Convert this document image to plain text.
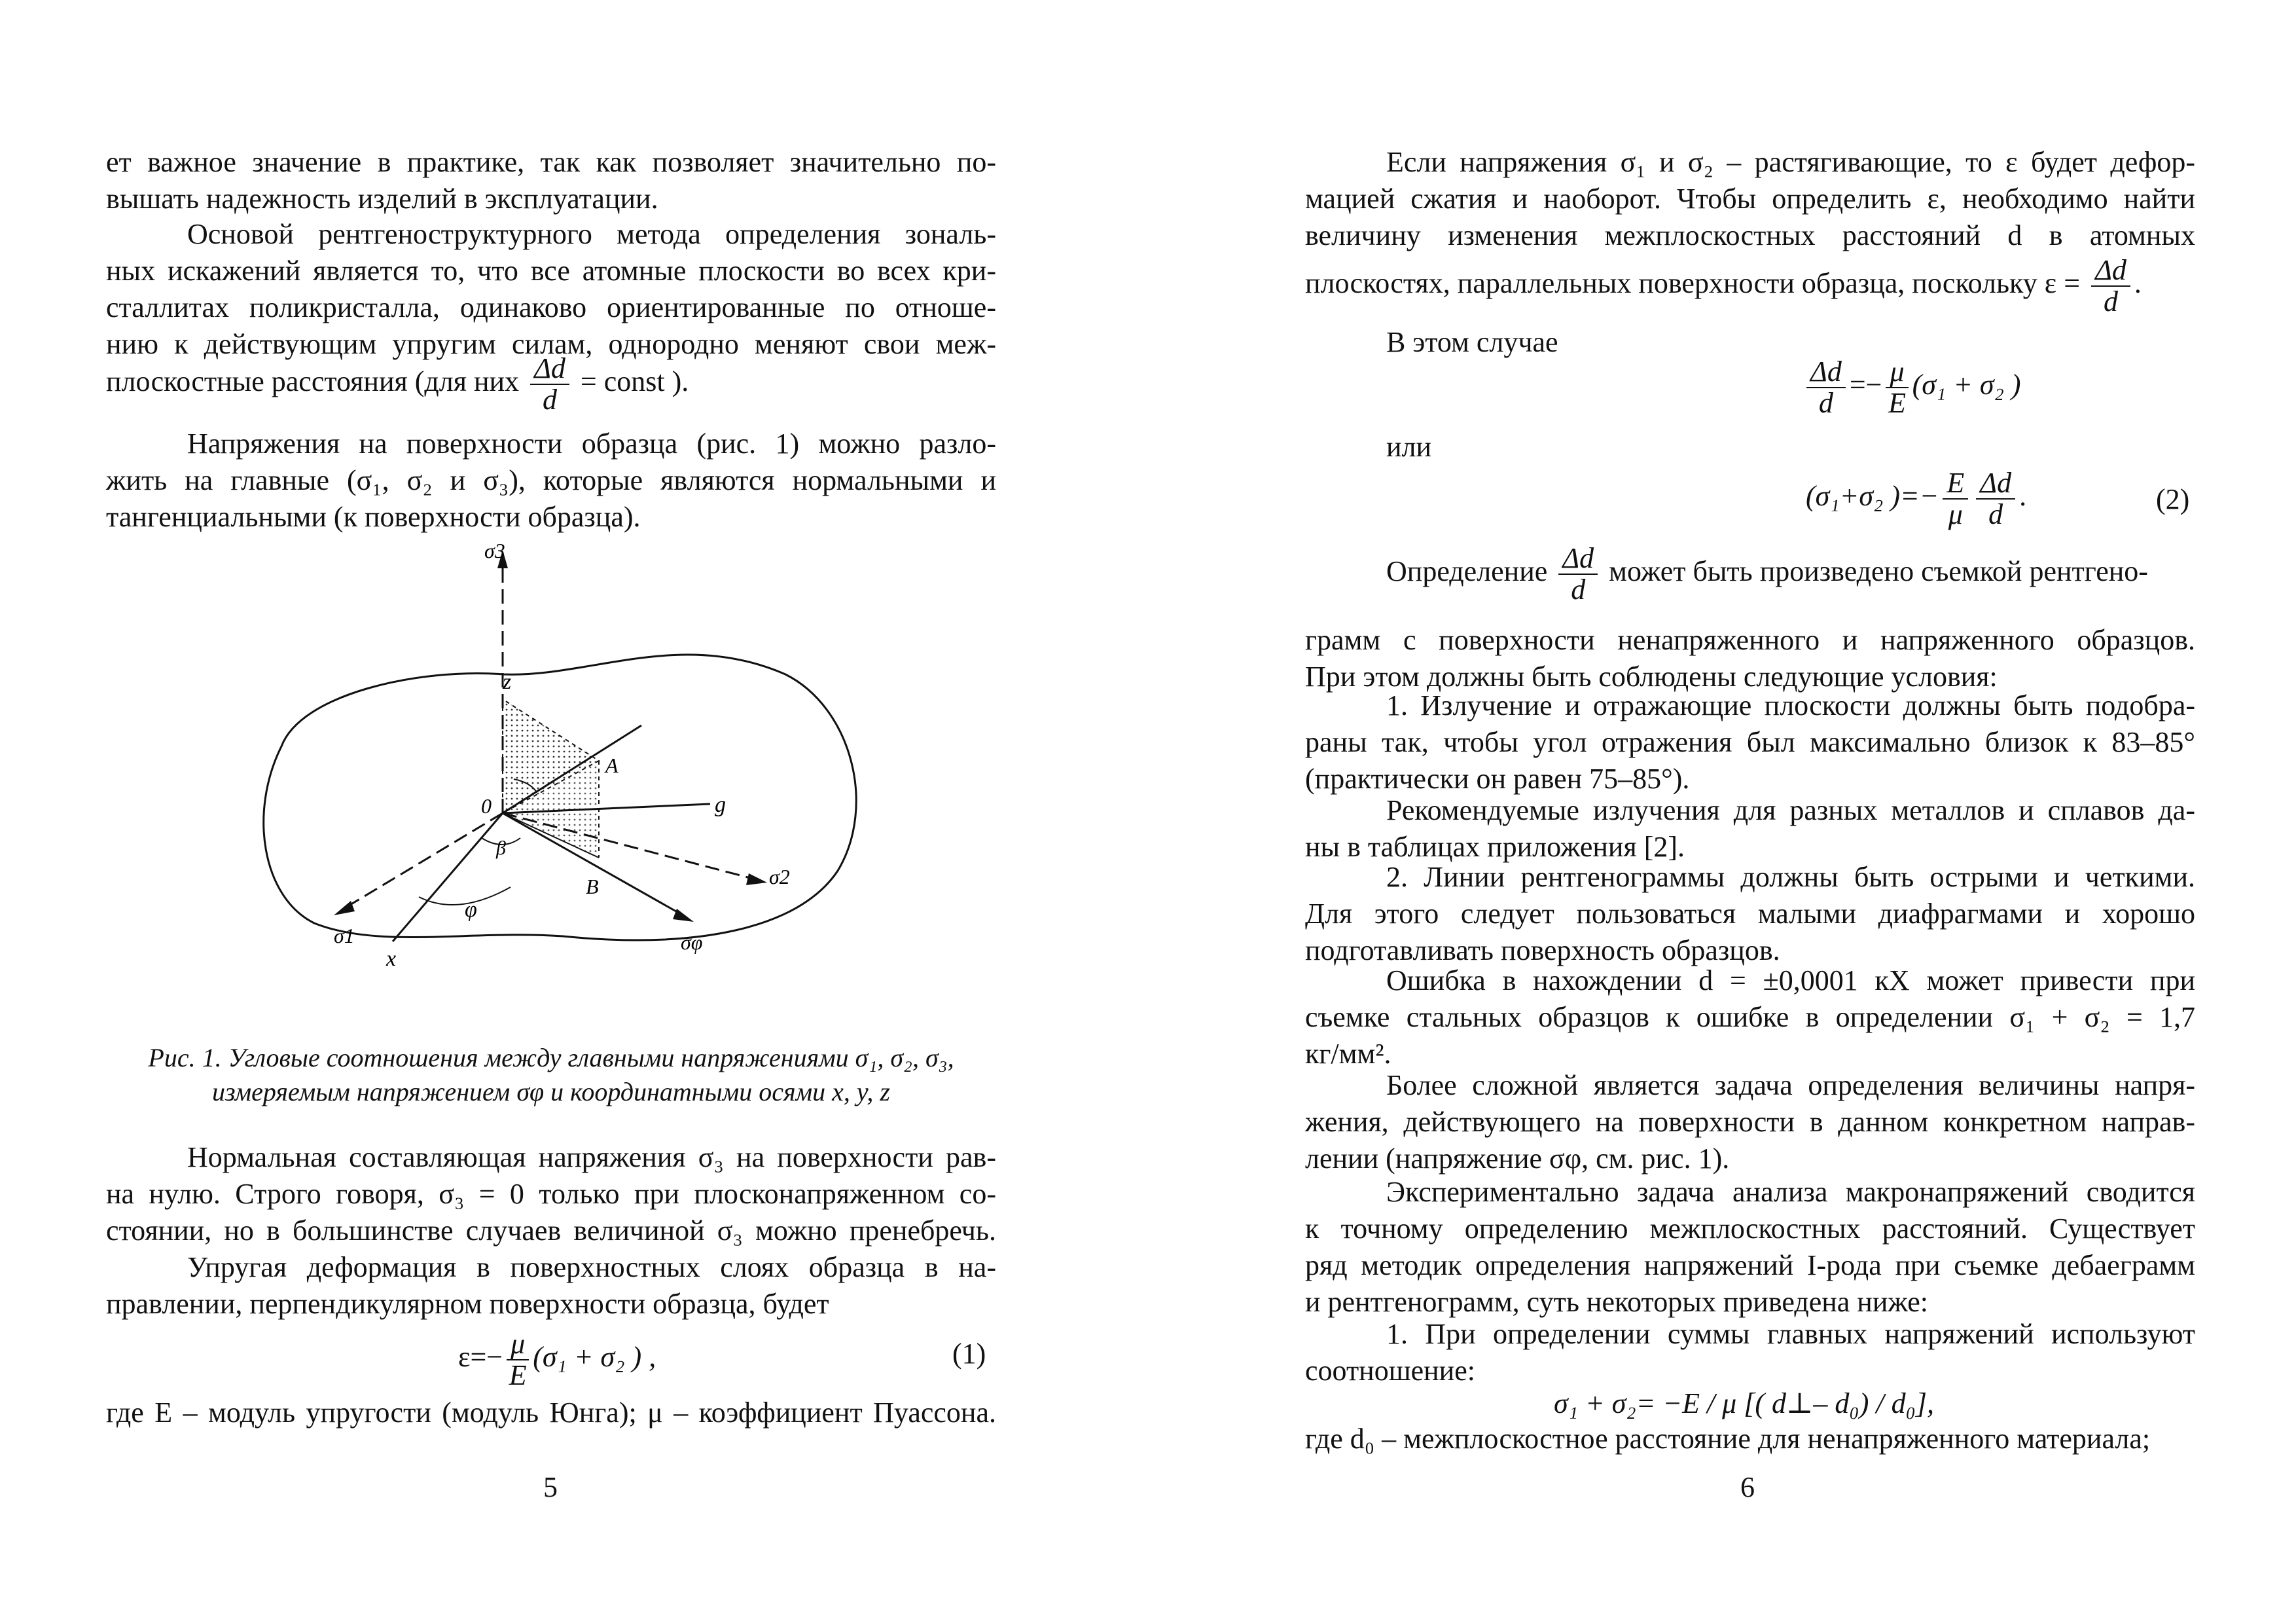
ет важное значение в практике, так как позволяет значительно по-
вышать надежность изделий в эксплуатации.
Основой рентгеноструктурного метода определения зональ-
ных искажений является то, что все атомные плоскости во всех кри-
сталлитах поликристалла, одинаково ориентированные по отноше-
нию к действующим упругим силам, однородно меняют свои меж-
плоскостные расстояния (для них $\frac{\Delta d}{d}$ = const ).
Напряжения на поверхности образца (рис. 1) можно разло-
жить на главные (σ₁, σ₂ и σ₃), которые являются нормальными и
тангенциальными (к поверхности образца).
σ3
z
0
A
g
σ2
β
φ
B
σφ
σ1
x
Рис. 1. Угловые соотношения между главными напряжениями σ₁, σ₂, σ₃,
измеряемым напряжением σφ и координатными осями x, y, z
Нормальная составляющая напряжения σ₃ на поверхности рав-
на нулю. Строго говоря, σ₃ = 0 только при плосконапряженном со-
стоянии, но в большинстве случаев величиной σ₃ можно пренебречь.
Упругая деформация в поверхностных слоях образца в на-
правлении, перпендикулярном поверхности образца, будет
$\varepsilon=- \frac{\mu}{E} (\sigma_1 + \sigma_2$ ) ,	(1)
где E – модуль упругости (модуль Юнга); μ – коэффициент Пуассона.
5
Если напряжения σ₁ и σ₂ – растягивающие, то ε будет дефор-
мацией сжатия и наоборот. Чтобы определить ε, необходимо найти
величину изменения межплоскостных расстояний d в атомных
плоскостях, параллельных поверхности образца, поскольку $\varepsilon = \frac{\Delta d}{d}$ .
В этом случае
$\frac{\Delta d}{d} =- \frac{\mu}{E} (\sigma_1 + \sigma_2$ )
или
(σ₁+σ₂ )=− $\frac{E}{\mu} \frac{\Delta d}{d}$ .	(2)
Определение $\frac{\Delta d}{d}$ может быть произведено съемкой рентгено-
грамм с поверхности ненапряженного и напряженного образцов.
При этом должны быть соблюдены следующие условия:
1. Излучение и отражающие плоскости должны быть подобра-
раны так, чтобы угол отражения был максимально близок к 83–85°
(практически он равен 75–85°).
Рекомендуемые излучения для разных металлов и сплавов да-
ны в таблицах приложения [2].
2. Линии рентгенограммы должны быть острыми и четкими.
Для этого следует пользоваться малыми диафрагмами и хорошо
подготавливать поверхность образцов.
Ошибка в нахождении d = ±0,0001 кХ может привести при
съемке стальных образцов к ошибке в определении σ₁ + σ₂ = 1,7
кг/мм².
Более сложной является задача определения величины напря-
жения, действующего на поверхности в данном конкретном направ-
лении (напряжение σφ, см. рис. 1).
Экспериментально задача анализа макронапряжений сводится
к точному определению межплоскостных расстояний. Существует
ряд методик определения напряжений I-рода при съемке дебаеграмм
и рентгенограмм, суть некоторых приведена ниже:
1. При определении суммы главных напряжений используют
соотношение:
σ₁ + σ₂= −E / μ [( d⊥– d₀) / d₀],
где d₀ – межплоскостное расстояние для ненапряженного материала;
6
